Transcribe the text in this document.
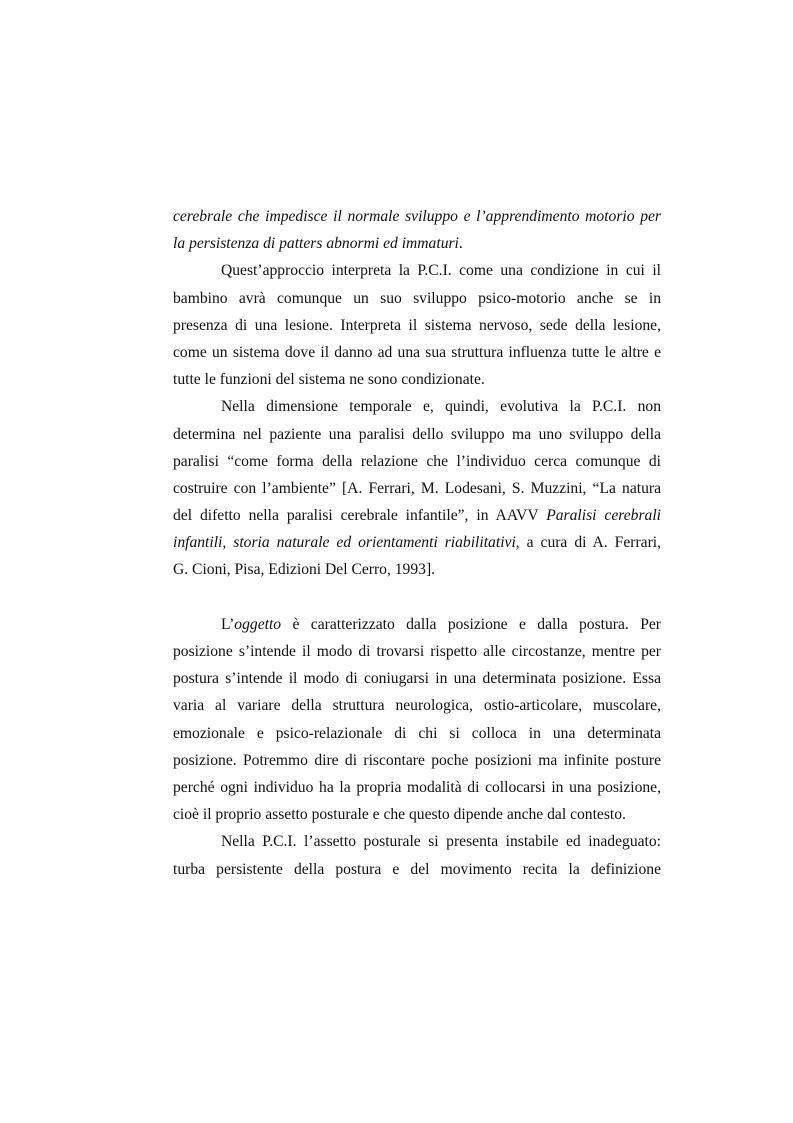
cerebrale che impedisce il normale sviluppo e l’apprendimento motorio per
la persistenza di patters abnormi ed immaturi.
Quest’approccio interpreta la P.C.I. come una condizione in cui il
bambino avrà comunque un suo sviluppo psico-motorio anche se in
presenza di una lesione. Interpreta il sistema nervoso, sede della lesione,
come un sistema dove il danno ad una sua struttura influenza tutte le altre e
tutte le funzioni del sistema ne sono condizionate.
Nella dimensione temporale e, quindi, evolutiva la P.C.I. non
determina nel paziente una paralisi dello sviluppo ma uno sviluppo della
paralisi “come forma della relazione che l’individuo cerca comunque di
costruire con l’ambiente” [A. Ferrari, M. Lodesani, S. Muzzini, “La natura
del difetto nella paralisi cerebrale infantile”, in AAVV Paralisi cerebrali
infantili, storia naturale ed orientamenti riabilitativi, a cura di A. Ferrari,
G. Cioni, Pisa, Edizioni Del Cerro, 1993].
L’oggetto è caratterizzato dalla posizione e dalla postura. Per
posizione s’intende il modo di trovarsi rispetto alle circostanze, mentre per
postura s’intende il modo di coniugarsi in una determinata posizione. Essa
varia al variare della struttura neurologica, ostio-articolare, muscolare,
emozionale e psico-relazionale di chi si colloca in una determinata
posizione. Potremmo dire di riscontare poche posizioni ma infinite posture
perché ogni individuo ha la propria modalità di collocarsi in una posizione,
cioè il proprio assetto posturale e che questo dipende anche dal contesto.
Nella P.C.I. l’assetto posturale si presenta instabile ed inadeguato:
turba persistente della postura e del movimento recita la definizione
